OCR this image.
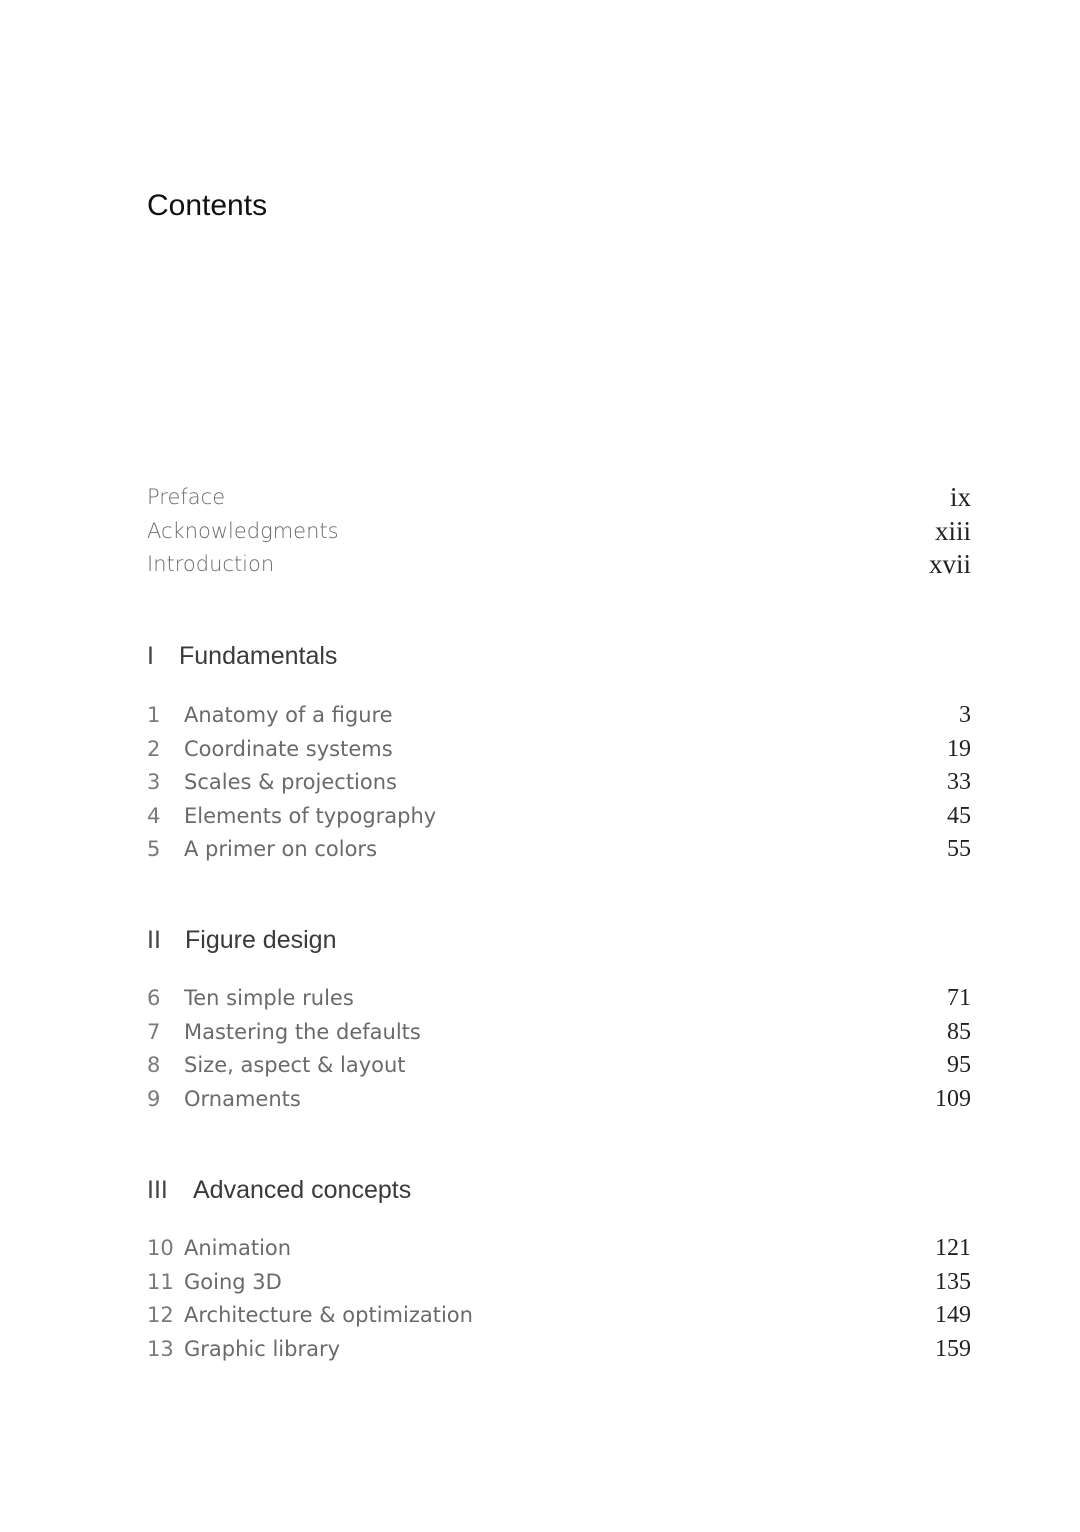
Contents
Preface	ix
Acknowledgments	xiii
Introduction	xvii
I Fundamentals
1 Anatomy of a figure	3
2 Coordinate systems	19
3 Scales & projections	33
4 Elements of typography	45
5 A primer on colors	55
II Figure design
6 Ten simple rules	71
7 Mastering the defaults	85
8 Size, aspect & layout	95
9 Ornaments	109
III Advanced concepts
10 Animation	121
11 Going 3D	135
12 Architecture & optimization	149
13 Graphic library	159
